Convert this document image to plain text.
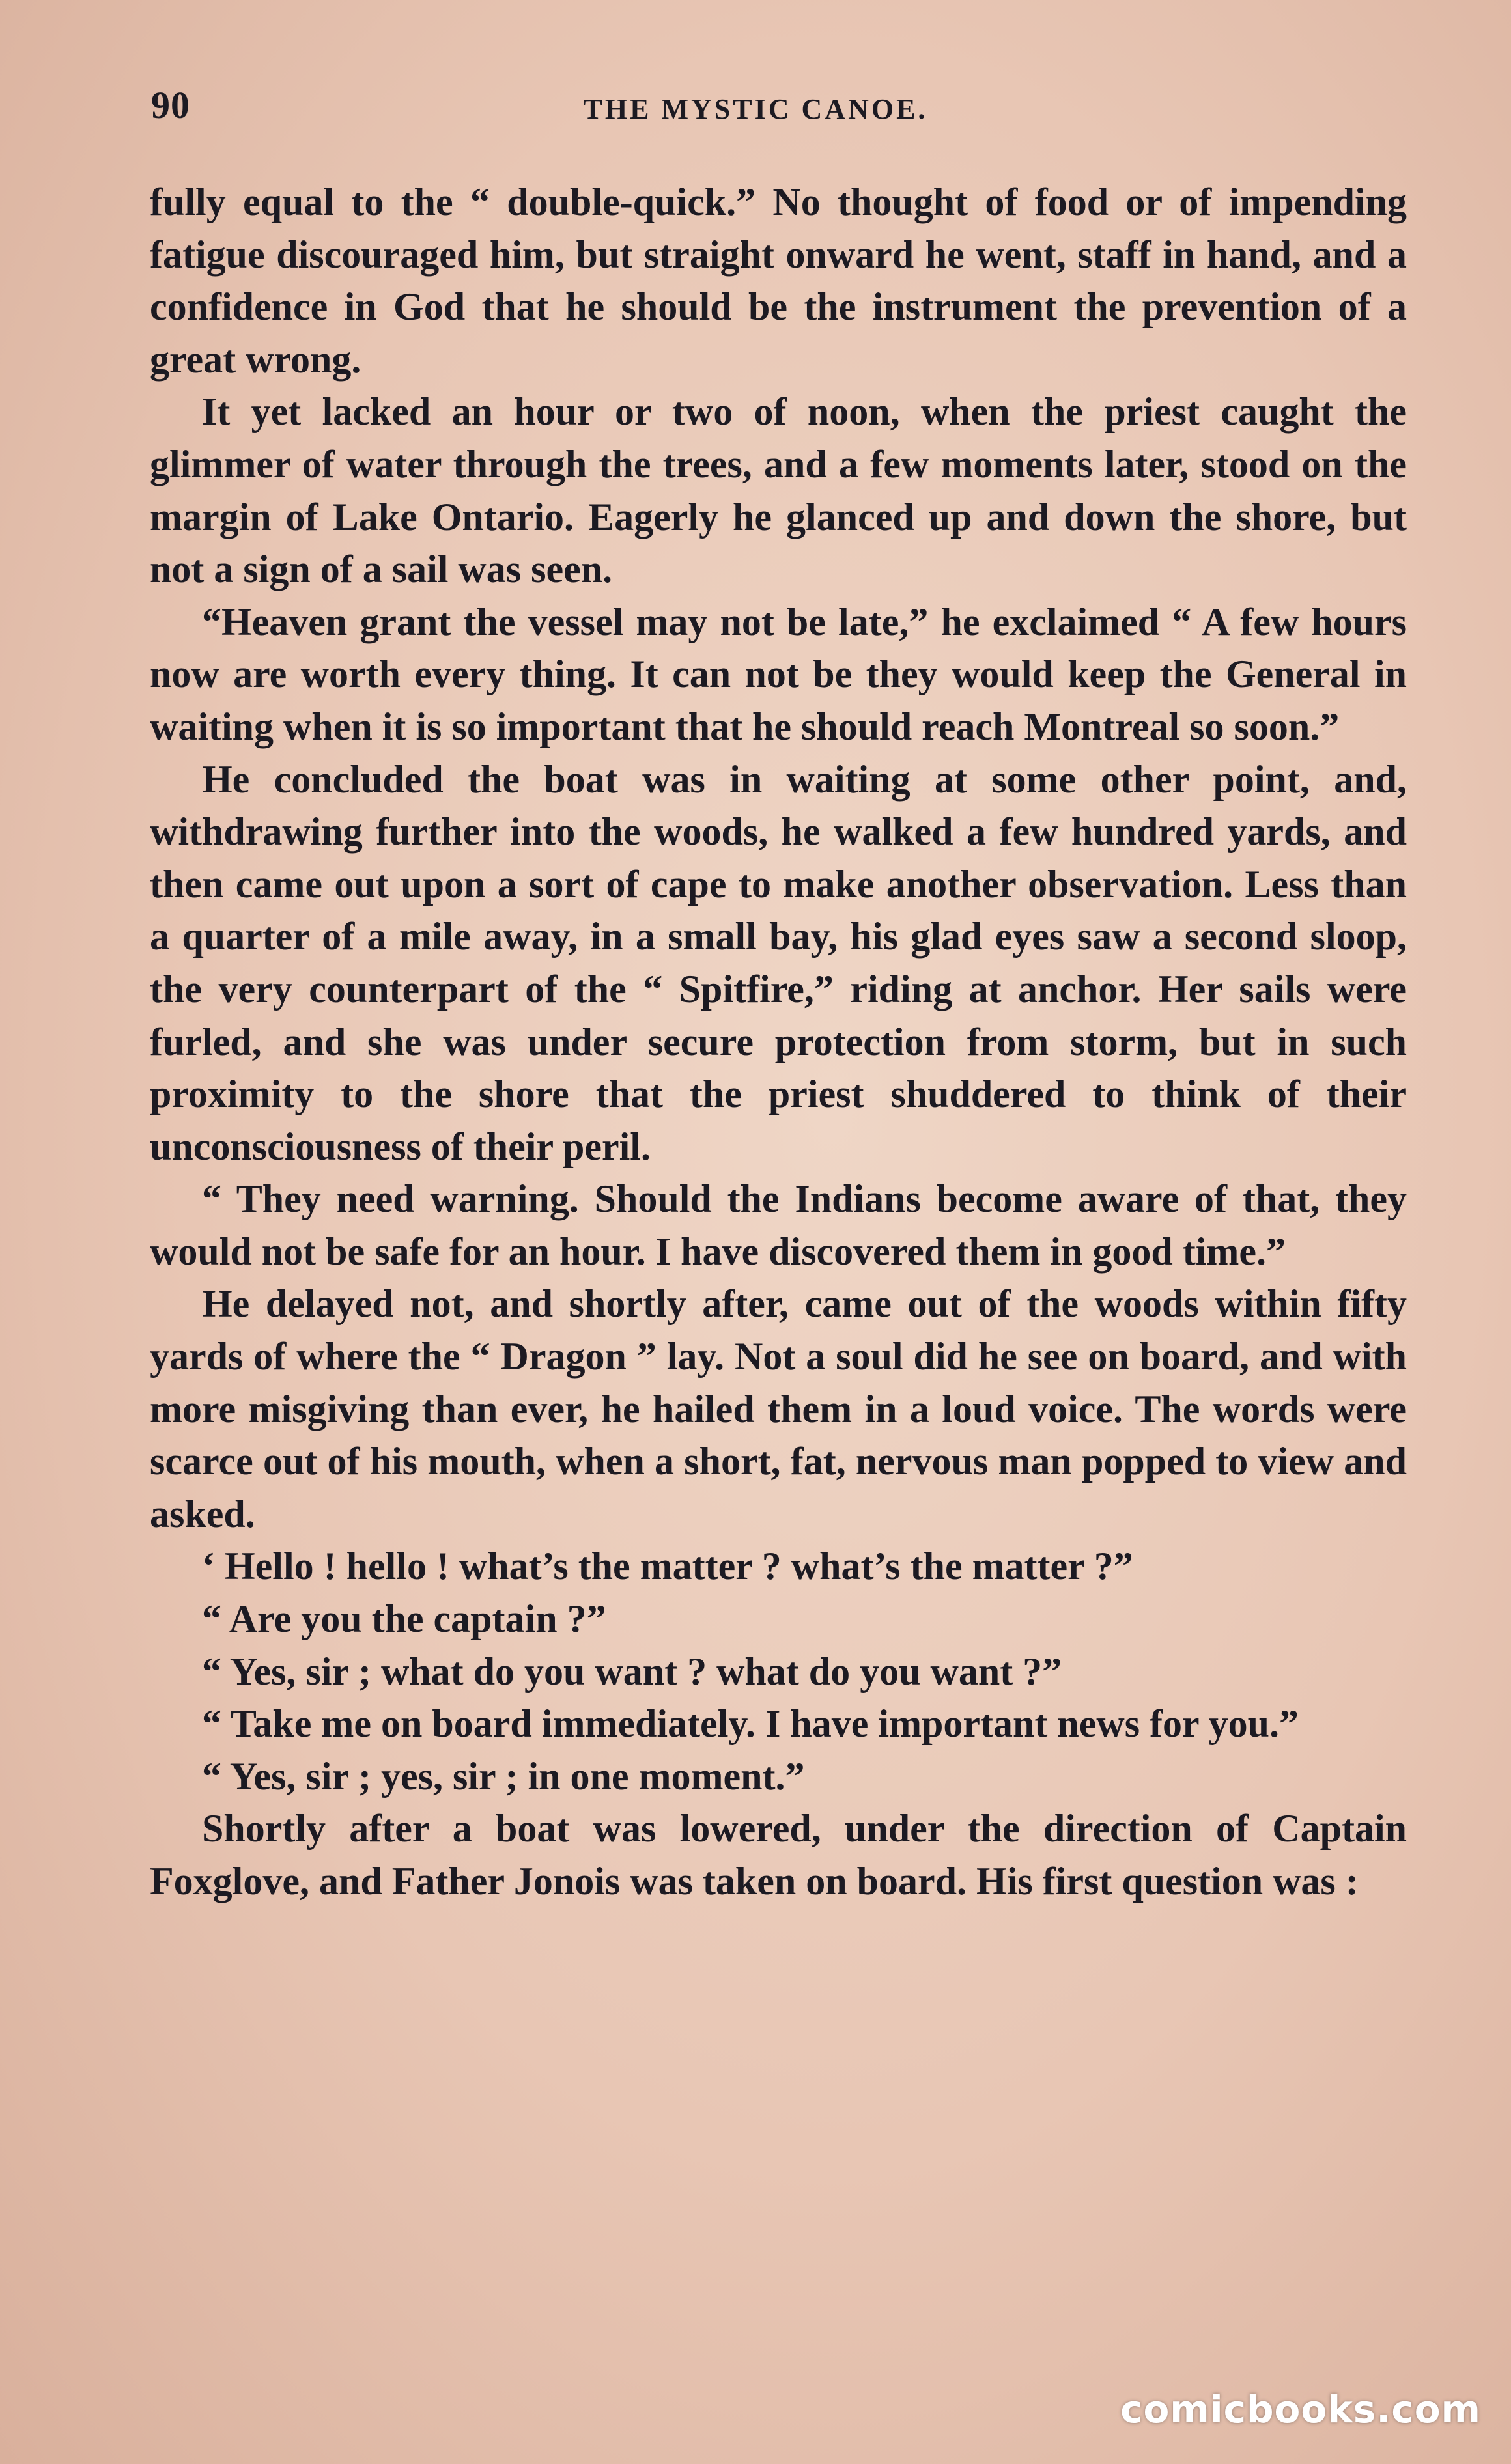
90	THE MYSTIC CANOE.

fully equal to the “ double-quick.” No thought of food or of impending fatigue discouraged him, but straight onward he went, staff in hand, and a confidence in God that he should be the instrument the prevention of a great wrong.

It yet lacked an hour or two of noon, when the priest caught the glimmer of water through the trees, and a few moments later, stood on the margin of Lake Ontario. Eagerly he glanced up and down the shore, but not a sign of a sail was seen.

“Heaven grant the vessel may not be late,” he exclaimed “ A few hours now are worth every thing. It can not be they would keep the General in waiting when it is so important that he should reach Montreal so soon.”

He concluded the boat was in waiting at some other point, and, withdrawing further into the woods, he walked a few hundred yards, and then came out upon a sort of cape to make another observation. Less than a quarter of a mile away, in a small bay, his glad eyes saw a second sloop, the very counterpart of the “ Spitfire,” riding at anchor. Her sails were furled, and she was under secure protection from storm, but in such proximity to the shore that the priest shuddered to think of their unconsciousness of their peril.

“ They need warning. Should the Indians become aware of that, they would not be safe for an hour. I have discovered them in good time.”

He delayed not, and shortly after, came out of the woods within fifty yards of where the “ Dragon ” lay. Not a soul did he see on board, and with more misgiving than ever, he hailed them in a loud voice. The words were scarce out of his mouth, when a short, fat, nervous man popped to view and asked.

‘ Hello ! hello ! what’s the matter ? what’s the matter ?”

“ Are you the captain ?”

“ Yes, sir ; what do you want ? what do you want ?”

“ Take me on board immediately. I have important news for you.”

“ Yes, sir ; yes, sir ; in one moment.”

Shortly after a boat was lowered, under the direction of Captain Foxglove, and Father Jonois was taken on board. His first question was :

comicbooks.com
